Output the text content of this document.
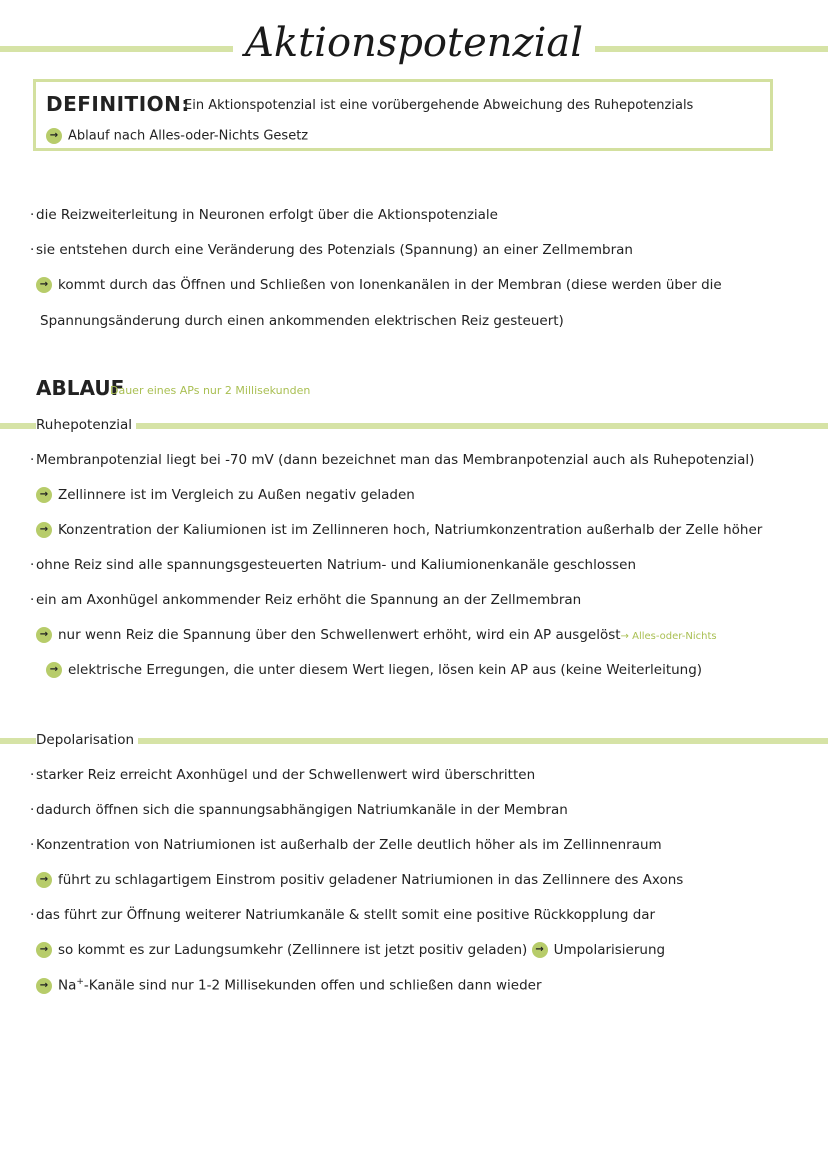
Aktionspotenzial
DEFINITION:
Ein Aktionspotenzial ist eine vorübergehende Abweichung des Ruhepotenzials
→ Ablauf nach Alles-oder-Nichts Gesetz
· die Reizweiterleitung in Neuronen erfolgt über die Aktionspotenziale
· sie entstehen durch eine Veränderung des Potenzials (Spannung) an einer Zellmembran
→ kommt durch das Öffnen und Schließen von Ionenkanälen in der Membran (diese werden über die
Spannungsänderung durch einen ankommenden elektrischen Reiz gesteuert)
ABLAUF
Dauer eines APs nur 2 Millisekunden
Ruhepotenzial
· Membranpotenzial liegt bei -70 mV (dann bezeichnet man das Membranpotenzial auch als Ruhepotenzial)
→ Zellinnere ist im Vergleich zu Außen negativ geladen
→ Konzentration der Kaliumionen ist im Zellinneren hoch, Natriumkonzentration außerhalb der Zelle höher
· ohne Reiz sind alle spannungsgesteuerten Natrium- und Kaliumionenkanäle geschlossen
· ein am Axonhügel ankommender Reiz erhöht die Spannung an der Zellmembran
→ nur wenn Reiz die Spannung über den Schwellenwert erhöht, wird ein AP ausgelöst→ Alles-oder-Nichts
→ elektrische Erregungen, die unter diesem Wert liegen, lösen kein AP aus (keine Weiterleitung)
Depolarisation
· starker Reiz erreicht Axonhügel und der Schwellenwert wird überschritten
· dadurch öffnen sich die spannungsabhängigen Natriumkanäle in der Membran
· Konzentration von Natriumionen ist außerhalb der Zelle deutlich höher als im Zellinnenraum
→ führt zu schlagartigem Einstrom positiv geladener Natriumionen in das Zellinnere des Axons
· das führt zur Öffnung weiterer Natriumkanäle & stellt somit eine positive Rückkopplung dar
→ so kommt es zur Ladungsumkehr (Zellinnere ist jetzt positiv geladen) → Umpolarisierung
→ Na+-Kanäle sind nur 1-2 Millisekunden offen und schließen dann wieder
